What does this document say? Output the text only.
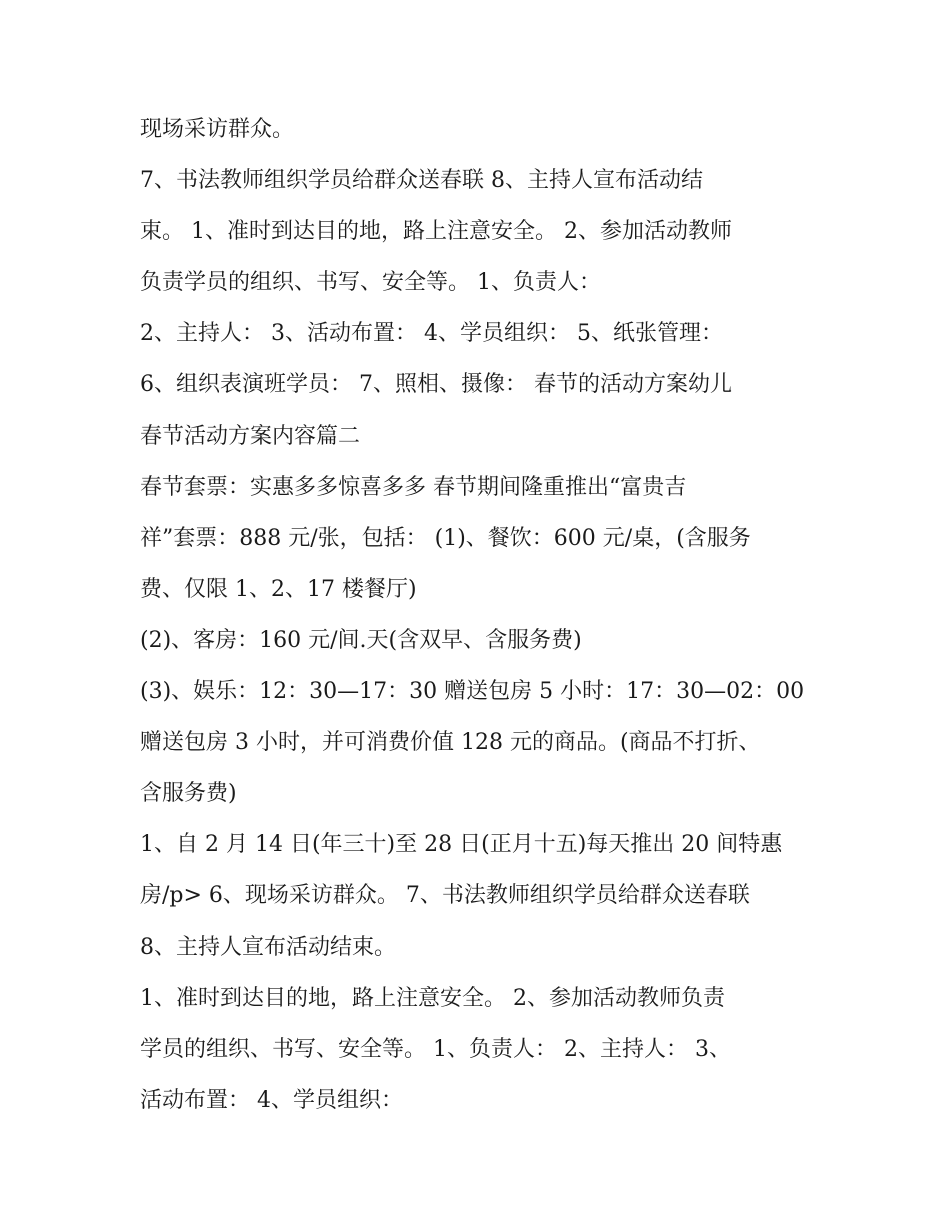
现场采访群众。
7、书法教师组织学员给群众送春联 8、主持人宣布活动结
束。 1、准时到达目的地，路上注意安全。 2、参加活动教师
负责学员的组织、书写、安全等。 1、负责人：
2、主持人： 3、活动布置： 4、学员组织： 5、纸张管理：
6、组织表演班学员： 7、照相、摄像： 春节的活动方案幼儿
春节活动方案内容篇二
春节套票：实惠多多惊喜多多 春节期间隆重推出“富贵吉
祥”套票：888 元/张，包括： (1)、餐饮：600 元/桌，(含服务
费、仅限 1、2、17 楼餐厅)
(2)、客房：160 元/间.天(含双早、含服务费)
(3)、娱乐：12：30—17：30 赠送包房 5 小时：17：30—02：00
赠送包房 3 小时，并可消费价值 128 元的商品。(商品不打折、
含服务费)
1、自 2 月 14 日(年三十)至 28 日(正月十五)每天推出 20 间特惠
房/p> 6、现场采访群众。 7、书法教师组织学员给群众送春联
8、主持人宣布活动结束。
1、准时到达目的地，路上注意安全。 2、参加活动教师负责
学员的组织、书写、安全等。 1、负责人： 2、主持人： 3、
活动布置： 4、学员组织：
